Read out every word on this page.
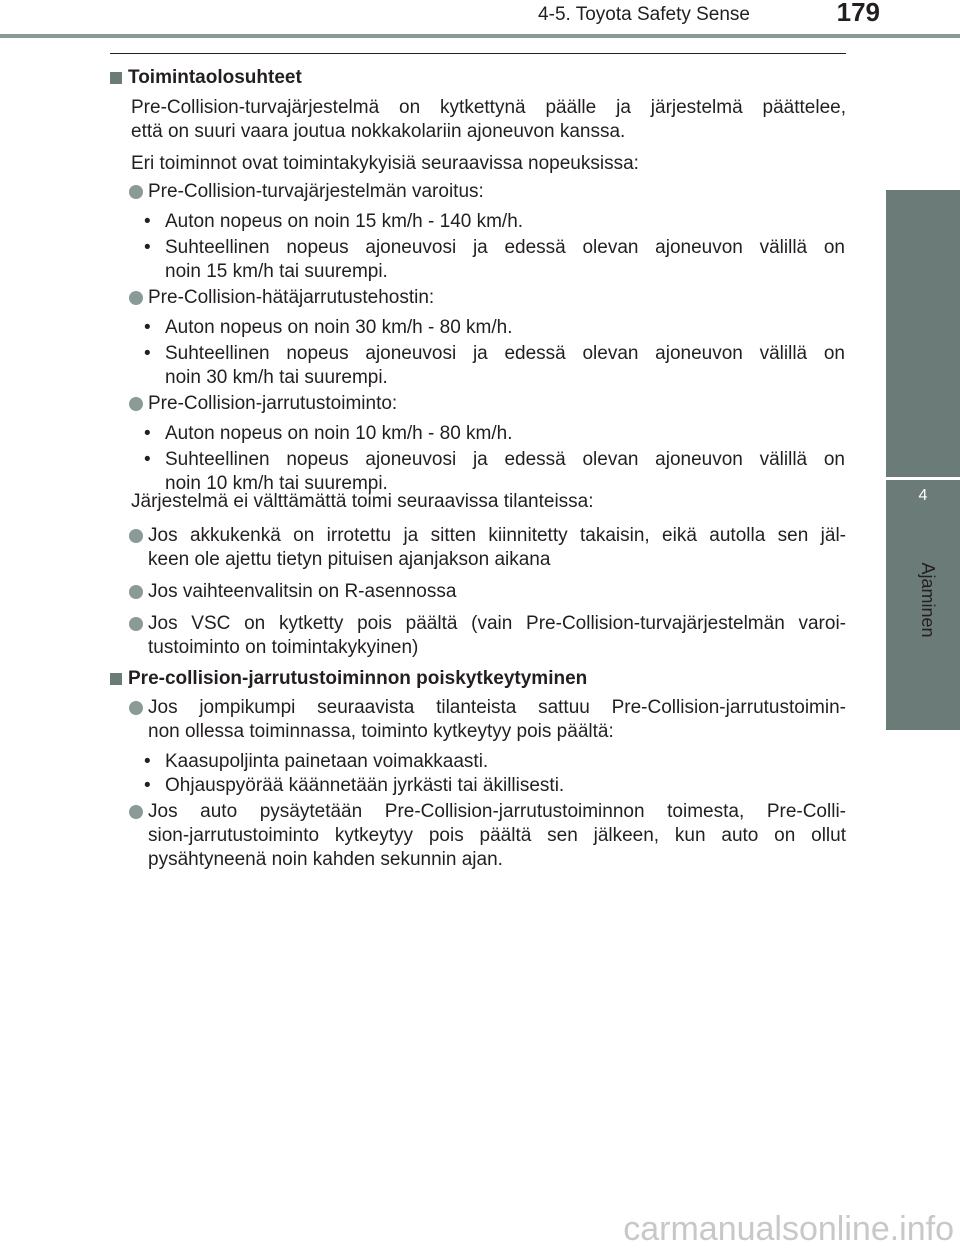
4-5. Toyota Safety Sense	179
4
Ajaminen
Toimintaolosuhteet
Pre-Collision-turvajärjestelmä on kytkettynä päälle ja järjestelmä päättelee,
että on suuri vaara joutua nokkakolariin ajoneuvon kanssa.
Eri toiminnot ovat toimintakykyisiä seuraavissa nopeuksissa:
Pre-Collision-turvajärjestelmän varoitus:
• Auton nopeus on noin 15 km/h - 140 km/h.
• Suhteellinen nopeus ajoneuvosi ja edessä olevan ajoneuvon välillä on
noin 15 km/h tai suurempi.
Pre-Collision-hätäjarrutustehostin:
• Auton nopeus on noin 30 km/h - 80 km/h.
• Suhteellinen nopeus ajoneuvosi ja edessä olevan ajoneuvon välillä on
noin 30 km/h tai suurempi.
Pre-Collision-jarrutustoiminto:
• Auton nopeus on noin 10 km/h - 80 km/h.
• Suhteellinen nopeus ajoneuvosi ja edessä olevan ajoneuvon välillä on
noin 10 km/h tai suurempi.
Järjestelmä ei välttämättä toimi seuraavissa tilanteissa:
Jos akkukenkä on irrotettu ja sitten kiinnitetty takaisin, eikä autolla sen jäl-
keen ole ajettu tietyn pituisen ajanjakson aikana
Jos vaihteenvalitsin on R-asennossa
Jos VSC on kytketty pois päältä (vain Pre-Collision-turvajärjestelmän varoi-
tustoiminto on toimintakykyinen)
Pre-collision-jarrutustoiminnon poiskytkeytyminen
Jos jompikumpi seuraavista tilanteista sattuu Pre-Collision-jarrutustoimin-
non ollessa toiminnassa, toiminto kytkeytyy pois päältä:
• Kaasupoljinta painetaan voimakkaasti.
• Ohjauspyörää käännetään jyrkästi tai äkillisesti.
Jos auto pysäytetään Pre-Collision-jarrutustoiminnon toimesta, Pre-Colli-
sion-jarrutustoiminto kytkeytyy pois päältä sen jälkeen, kun auto on ollut
pysähtyneenä noin kahden sekunnin ajan.
carmanualsonline.info
